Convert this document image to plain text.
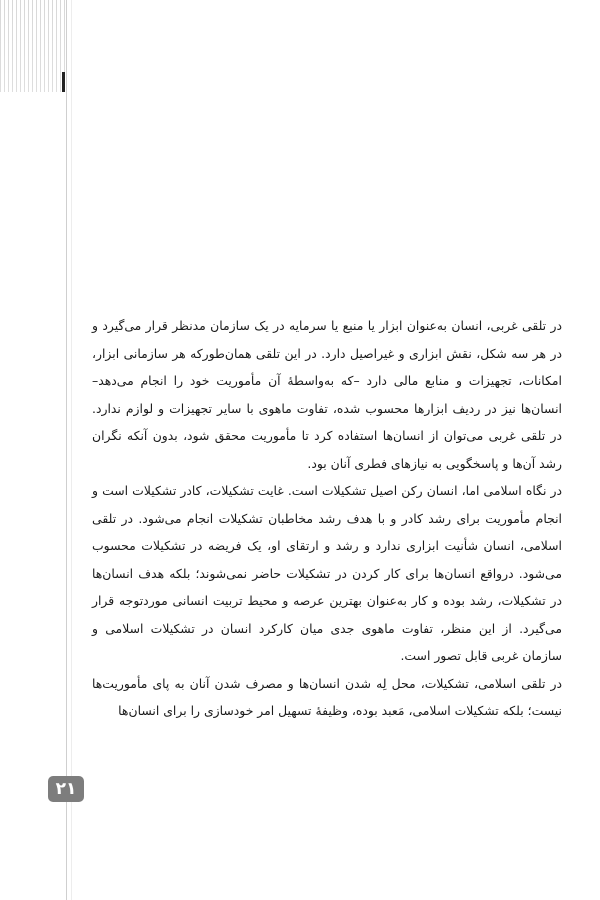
در تلقی غربی، انسان به‌عنوان ابزار یا منبع یا سرمایه در یک سازمان مدنظر قرار می‌گیرد و در هر سه شکل، نقش ابزاری و غیراصیل دارد. در این تلقی همان‌طورکه هر سازمانی ابزار، امکانات، تجهیزات و منابع مالی دارد –که به‌واسطهٔ آن مأموریت خود را انجام می‌دهد– انسان‌ها نیز در ردیف ابزارها محسوب شده، تفاوت ماهوی با سایر تجهیزات و لوازم ندارد. در تلقی غربی می‌توان از انسان‌ها استفاده کرد تا مأموریت محقق شود، بدون آنکه نگران رشد آن‌ها و پاسخگویی به نیازهای فطری آنان بود.

در نگاه اسلامی اما، انسان رکن اصیل تشکیلات است. غایت تشکیلات، کادر تشکیلات است و انجام مأموریت برای رشد کادر و با هدف رشد مخاطبان تشکیلات انجام می‌شود. در تلقی اسلامی، انسان شأنیت ابزاری ندارد و رشد و ارتقای او، یک فریضه در تشکیلات محسوب می‌شود. درواقع انسان‌ها برای کار کردن در تشکیلات حاضر نمی‌شوند؛ بلکه هدف انسان‌ها در تشکیلات، رشد بوده و کار به‌عنوان بهترین عرصه و محیط تربیت انسانی موردتوجه قرار می‌گیرد. از این منظر، تفاوت ماهوی جدی میان کارکرد انسان در تشکیلات اسلامی و سازمان غربی قابل تصور است.

در تلقی اسلامی، تشکیلات، محل لِه شدن انسان‌ها و مصرف شدن آنان به پای مأموریت‌ها نیست؛ بلکه تشکیلات اسلامی، مَعبد بوده، وظیفهٔ تسهیل امر خودسازی را برای انسان‌ها

۲۱
